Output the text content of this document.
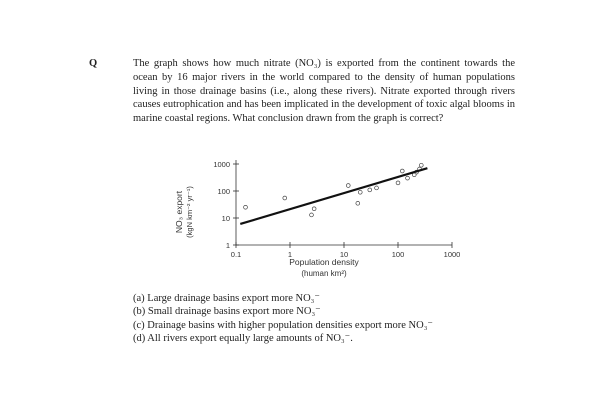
Q	The graph shows how much nitrate (NO₃) is exported from the continent towards the ocean by 16 major rivers in the world compared to the density of human populations living in those drainage basins (i.e., along these rivers). Nitrate exported through rivers causes eutrophication and has been implicated in the development of toxic algal blooms in marine coastal regions. What conclusion drawn from the graph is correct?

NO₃ export (kgN km⁻² yr⁻¹)
0.1	1	10	100	1000
1
10
100
1000
Population density
(human km²)
(a) Large drainage basins export more NO₃⁻
(b) Small drainage basins export more NO₃⁻
(c) Drainage basins with higher population densities export more NO₃⁻
(d) All rivers export equally large amounts of NO₃⁻.
